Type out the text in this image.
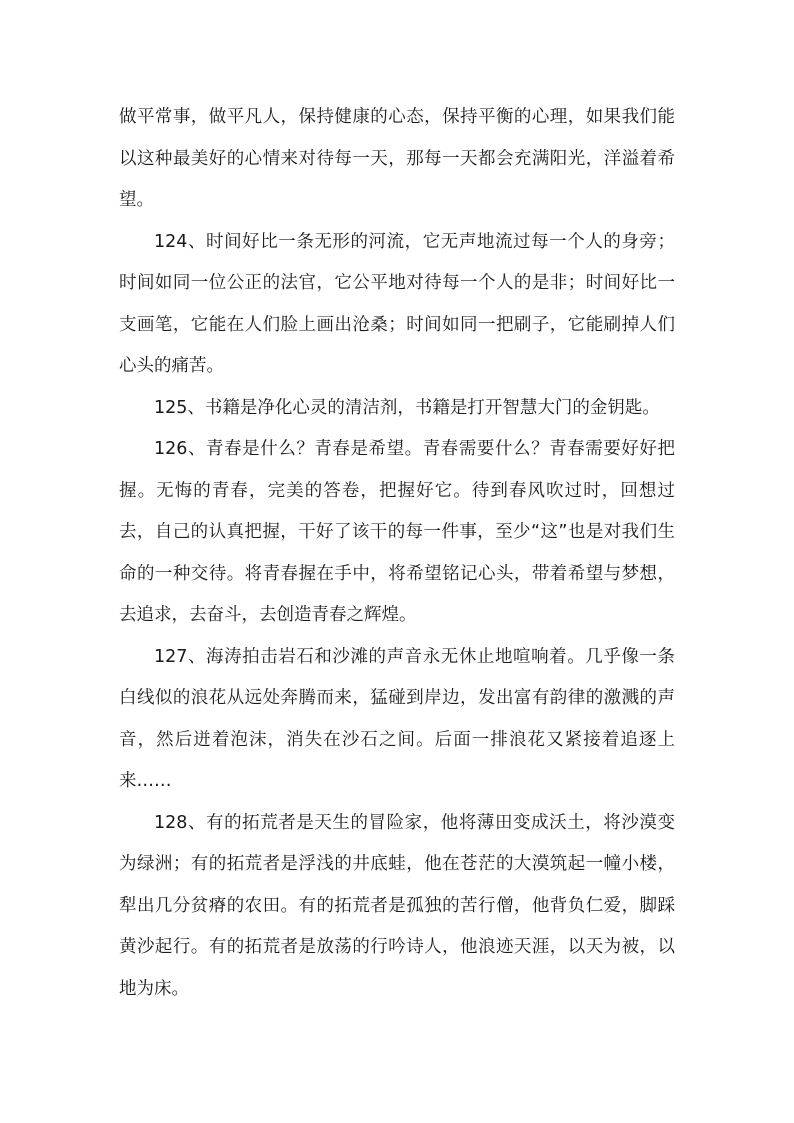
做平常事，做平凡人，保持健康的心态，保持平衡的心理，如果我们能以这种最美好的心情来对待每一天，那每一天都会充满阳光，洋溢着希望。

124、时间好比一条无形的河流，它无声地流过每一个人的身旁；时间如同一位公正的法官，它公平地对待每一个人的是非；时间好比一支画笔，它能在人们脸上画出沧桑；时间如同一把刷子，它能刷掉人们心头的痛苦。

125、书籍是净化心灵的清洁剂，书籍是打开智慧大门的金钥匙。

126、青春是什么？青春是希望。青春需要什么？青春需要好好把握。无悔的青春，完美的答卷，把握好它。待到春风吹过时，回想过去，自己的认真把握，干好了该干的每一件事，至少“这”也是对我们生命的一种交待。将青春握在手中，将希望铭记心头，带着希望与梦想，去追求，去奋斗，去创造青春之辉煌。

127、海涛拍击岩石和沙滩的声音永无休止地喧响着。几乎像一条白线似的浪花从远处奔腾而来，猛碰到岸边，发出富有韵律的激溅的声音，然后迸着泡沫，消失在沙石之间。后面一排浪花又紧接着追逐上来……

128、有的拓荒者是天生的冒险家，他将薄田变成沃土，将沙漠变为绿洲；有的拓荒者是浮浅的井底蛙，他在苍茫的大漠筑起一幢小楼，犁出几分贫瘠的农田。有的拓荒者是孤独的苦行僧，他背负仁爱，脚踩黄沙起行。有的拓荒者是放荡的行吟诗人，他浪迹天涯，以天为被，以地为床。
